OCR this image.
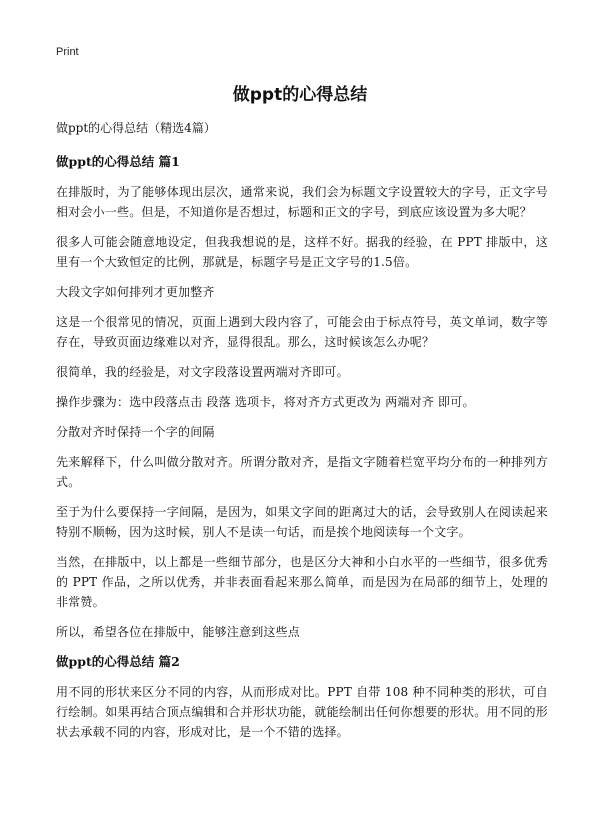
Print
做ppt的心得总结

做ppt的心得总结（精选4篇）

做ppt的心得总结 篇1

在排版时，为了能够体现出层次，通常来说，我们会为标题文字设置较大的字号，正文字号相对会小一些。但是，不知道你是否想过，标题和正文的字号，到底应该设置为多大呢？

很多人可能会随意地设定，但我我想说的是，这样不好。据我的经验，在 PPT 排版中，这里有一个大致恒定的比例，那就是，标题字号是正文字号的1.5倍。

大段文字如何排列才更加整齐

这是一个很常见的情况，页面上遇到大段内容了，可能会由于标点符号，英文单词，数字等存在，导致页面边缘难以对齐，显得很乱。那么，这时候该怎么办呢？

很简单，我的经验是，对文字段落设置两端对齐即可。

操作步骤为：选中段落点击 段落 选项卡，将对齐方式更改为 两端对齐 即可。

分散对齐时保持一个字的间隔

先来解释下，什么叫做分散对齐。所谓分散对齐，是指文字随着栏宽平均分布的一种排列方式。

至于为什么要保持一字间隔，是因为，如果文字间的距离过大的话，会导致别人在阅读起来特别不顺畅，因为这时候，别人不是读一句话，而是挨个地阅读每一个文字。

当然，在排版中，以上都是一些细节部分，也是区分大神和小白水平的一些细节，很多优秀的 PPT 作品，之所以优秀，并非表面看起来那么简单，而是因为在局部的细节上，处理的非常赞。

所以，希望各位在排版中，能够注意到这些点

做ppt的心得总结 篇2

用不同的形状来区分不同的内容，从而形成对比。PPT 自带 108 种不同种类的形状，可自行绘制。如果再结合顶点编辑和合并形状功能，就能绘制出任何你想要的形状。用不同的形状去承载不同的内容，形成对比，是一个不错的选择。
